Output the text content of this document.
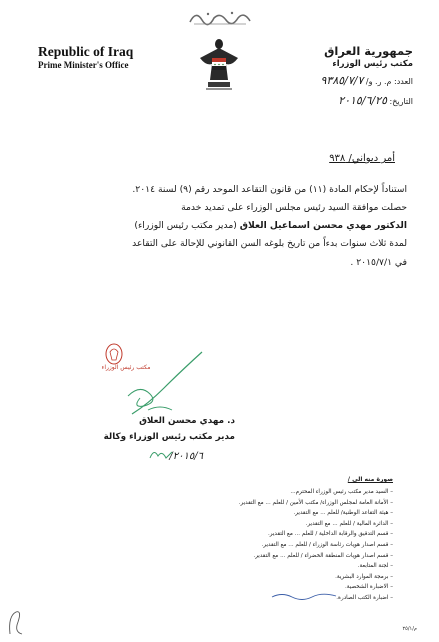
Republic of Iraq
Prime Minister's Office
جمهورية العراق
مكتب رئيس الوزراء
العدد: م. ر. و/ ٩٣٨٥/٧/٧
التاريخ: ٢٠١٥/٦/٢٥
أمر ديواني/ ٩٣٨
استناداً لإحكام المادة (١١) من قانون التقاعد الموحد رقم (٩) لسنة ٢٠١٤.
حصلت موافقة السيد رئيس مجلس الوزراء على تمديد خدمة
الدكتور مهدي محسن اسماعيل العلاق (مدير مكتب رئيس الوزراء)
لمدة ثلاث سنوات بدءاً من تاريخ بلوغه السن القانوني للإحالة على التقاعد
في ٢٠١٥/٧/١ .
مكتب رئيس الوزراء
د. مهدي محسن العلاق
مدير مكتب رئيس الوزراء وكالة
٢٠١٥/٦/
صورة منه الى /
– السيد مدير مكتب رئيس الوزراء المحترم...
– الأمانة العامة لمجلس الوزراء/ مكتب الأمين / للعلم ... مع التقدير.
– هيئة التقاعد الوطنية/ للعلم ... مع التقدير.
– الدائرة المالية / للعلم ... مع التقدير.
– قسم التدقيق والرقابة الداخلية / للعلم ... مع التقدير.
– قسم اصدار هويات رئاسة الوزراء / للعلم ... مع التقدير.
– قسم اصدار هويات المنطقة الخضراء / للعلم ... مع التقدير.
– لجنة المتابعة.
– برمجة الموارد البشرية.
– الاضبارة الشخصية.
– اضبارة الكتب الصادرة.
م/٢٥/١
